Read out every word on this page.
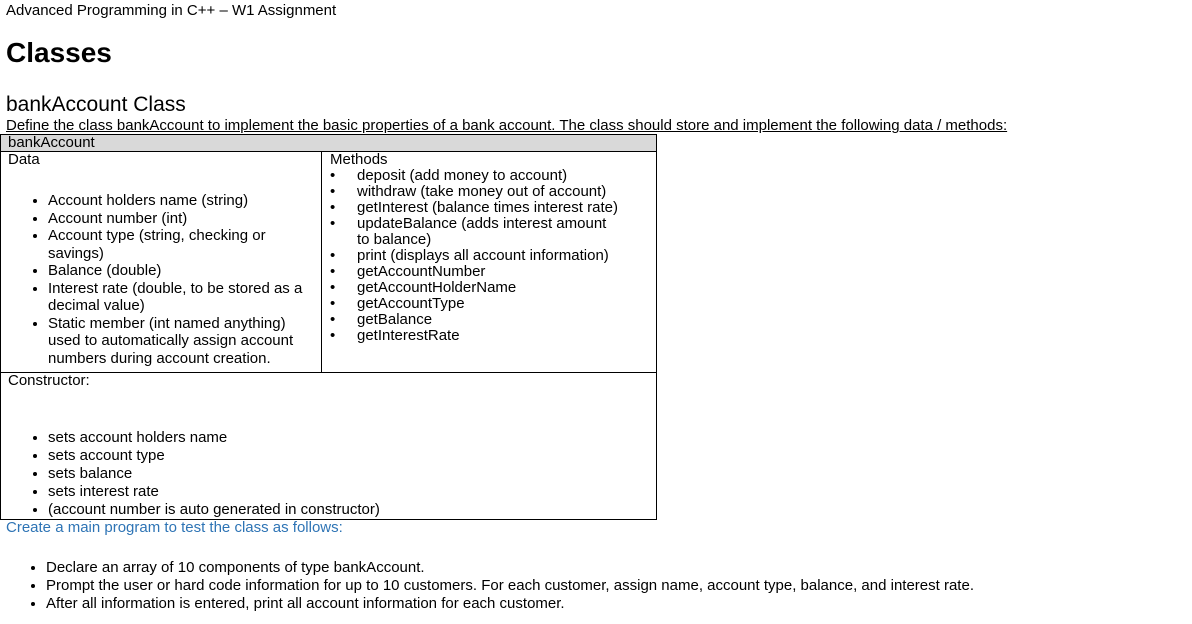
Advanced Programming in C++ – W1 Assignment
Classes
bankAccount Class
Define the class bankAccount to implement the basic properties of a bank account. The class should store and implement the following data / methods:
bankAccount

Data
• Account holders name (string)
• Account number (int)
• Account type (string, checking or savings)
• Balance (double)
• Interest rate (double, to be stored as a decimal value)
• Static member (int named anything) used to automatically assign account numbers during account creation.

Methods
• deposit (add money to account)
• withdraw (take money out of account)
• getInterest (balance times interest rate)
• updateBalance (adds interest amount to balance)
• print (displays all account information)
• getAccountNumber
• getAccountHolderName
• getAccountType
• getBalance
• getInterestRate

Constructor:
• sets account holders name
• sets account type
• sets balance
• sets interest rate
• (account number is auto generated in constructor)
Create a main program to test the class as follows:
• Declare an array of 10 components of type bankAccount.
• Prompt the user or hard code information for up to 10 customers. For each customer, assign name, account type, balance, and interest rate.
• After all information is entered, print all account information for each customer.
